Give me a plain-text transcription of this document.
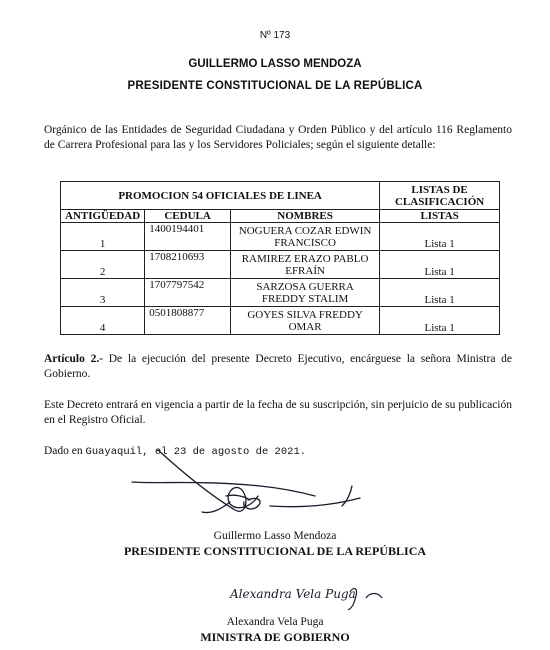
Nº 173
GUILLERMO LASSO MENDOZA
PRESIDENTE CONSTITUCIONAL DE LA REPÚBLICA
Orgánico de las Entidades de Seguridad Ciudadana y Orden Público y del artículo 116 Reglamento de Carrera Profesional para las y los Servidores Policiales; según el siguiente detalle:
PROMOCION 54 OFICIALES DE LINEA			LISTAS DE CLASIFICACIÓN
ANTIGÜEDAD	CEDULA	NOMBRES	LISTAS
1	1400194401	NOGUERA COZAR EDWIN FRANCISCO	Lista 1
2	1708210693	RAMIREZ ERAZO PABLO EFRAÍN	Lista 1
3	1707797542	SARZOSA GUERRA FREDDY STALIM	Lista 1
4	0501808877	GOYES SILVA FREDDY OMAR	Lista 1
Artículo 2.- De la ejecución del presente Decreto Ejecutivo, encárguese la señora Ministra de Gobierno.
Este Decreto entrará en vigencia a partir de la fecha de su suscripción, sin perjuicio de su publicación en el Registro Oficial.
Dado en Guayaquil, el 23 de agosto de 2021.
Guillermo Lasso Mendoza
PRESIDENTE CONSTITUCIONAL DE LA REPÚBLICA
Alexandra Vela Puga
Alexandra Vela Puga
MINISTRA DE GOBIERNO
